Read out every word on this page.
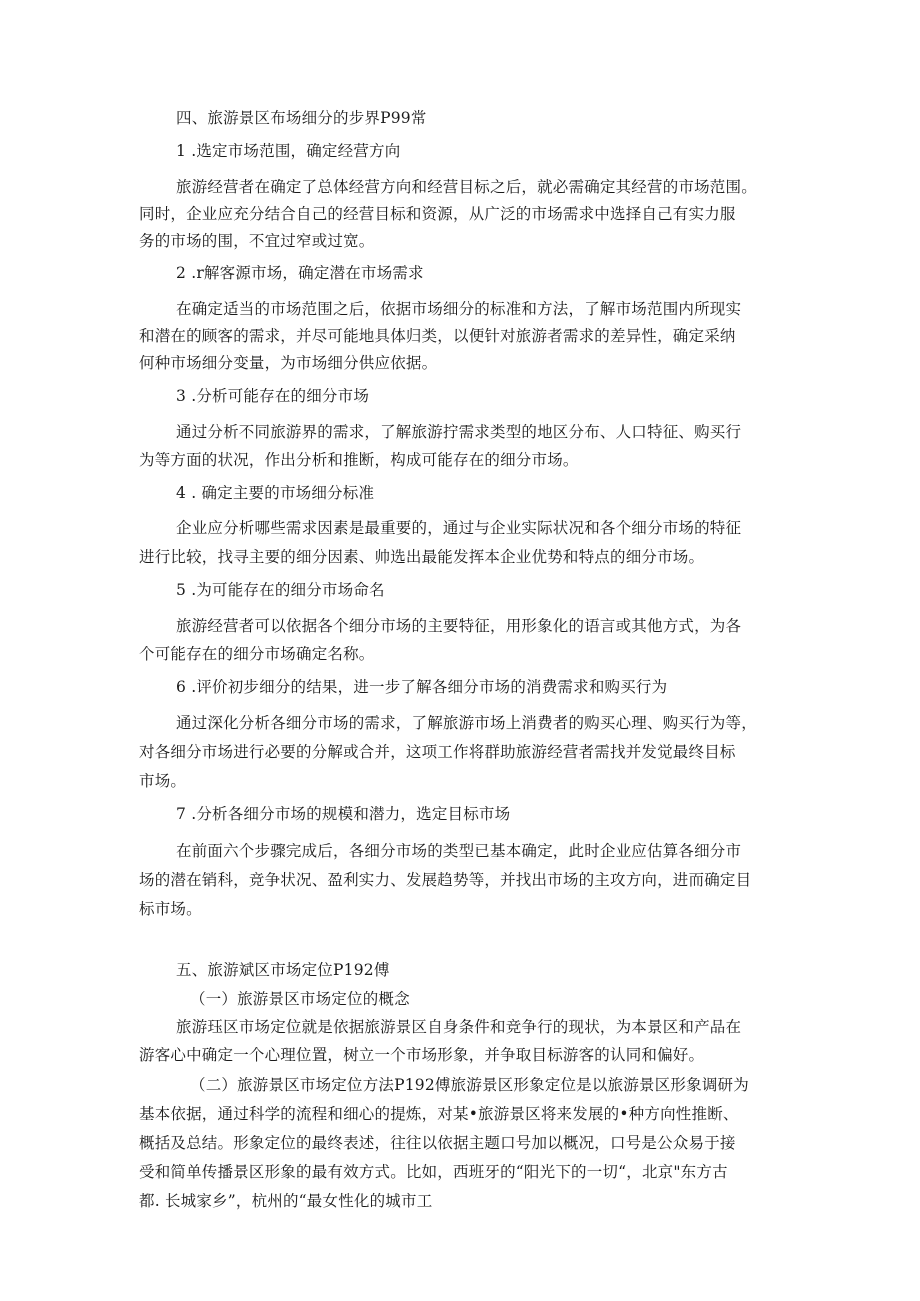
四、旅游景区布场细分的步界P99常
1 .选定市场范围，确定经营方向
旅游经营者在确定了总体经营方向和经营目标之后，就必需确定其经营的市场范围。
同时，企业应充分结合自己的经营目标和资源，从广泛的市场需求中选择自己有实力服
务的市场的围，不宜过窄或过宽。
2 .r解客源市场，确定潜在市场需求
在确定适当的市场范围之后，依据市场细分的标准和方法，了解市场范围内所现实
和潜在的顾客的需求，并尽可能地具体归类，以便针对旅游者需求的差异性，确定采纳
何种市场细分变量，为市场细分供应依据。
3 .分析可能存在的细分市场
通过分析不同旅游界的需求，了解旅游拧需求类型的地区分布、人口特征、购买行
为等方面的状况，作出分析和推断，构成可能存在的细分市场。
4 . 确定主要的市场细分标准
企业应分析哪些需求因素是最重要的，通过与企业实际状况和各个细分市场的特征
进行比较，找寻主要的细分因素、帅选出最能发挥本企业优势和特点的细分市场。
5 .为可能存在的细分市场命名
旅游经营者可以依据各个细分市场的主要特征，用形象化的语言或其他方式，为各
个可能存在的细分市场确定名称。
6 .评价初步细分的结果，进一步了解各细分市场的消费需求和购买行为
通过深化分析各细分市场的需求，了解旅游市场上消费者的购买心理、购买行为等，
对各细分市场进行必要的分解或合并，这项工作将群助旅游经营者需找并发觉最终目标
市场。
7 .分析各细分市场的规模和潜力，选定目标市场
在前面六个步骤完成后，各细分市场的类型已基本确定，此时企业应估算各细分市
场的潜在销科，竞争状况、盈利实力、发展趋势等，并找出市场的主攻方向，进而确定目
标市场。
五、旅游斌区市场定位P192傅
（一）旅游景区市场定位的概念
旅游珏区市场定位就是依据旅游景区自身条件和竞争行的现状，为本景区和产品在
游客心中确定一个心理位置，树立一个市场形象，并争取目标游客的认同和偏好。
（二）旅游景区市场定位方法P192傅旅游景区形象定位是以旅游景区形象调研为
基本依据，通过科学的流程和细心的提炼，对某•旅游景区将来发展的•种方向性推断、
概括及总结。形象定位的最终表述，往往以依据主题口号加以概况，口号是公众易于接
受和简单传播景区形象的最有效方式。比如，西班牙的“阳光下的一切“，北京"东方古
都. 长城家乡”，杭州的“最女性化的城市工
